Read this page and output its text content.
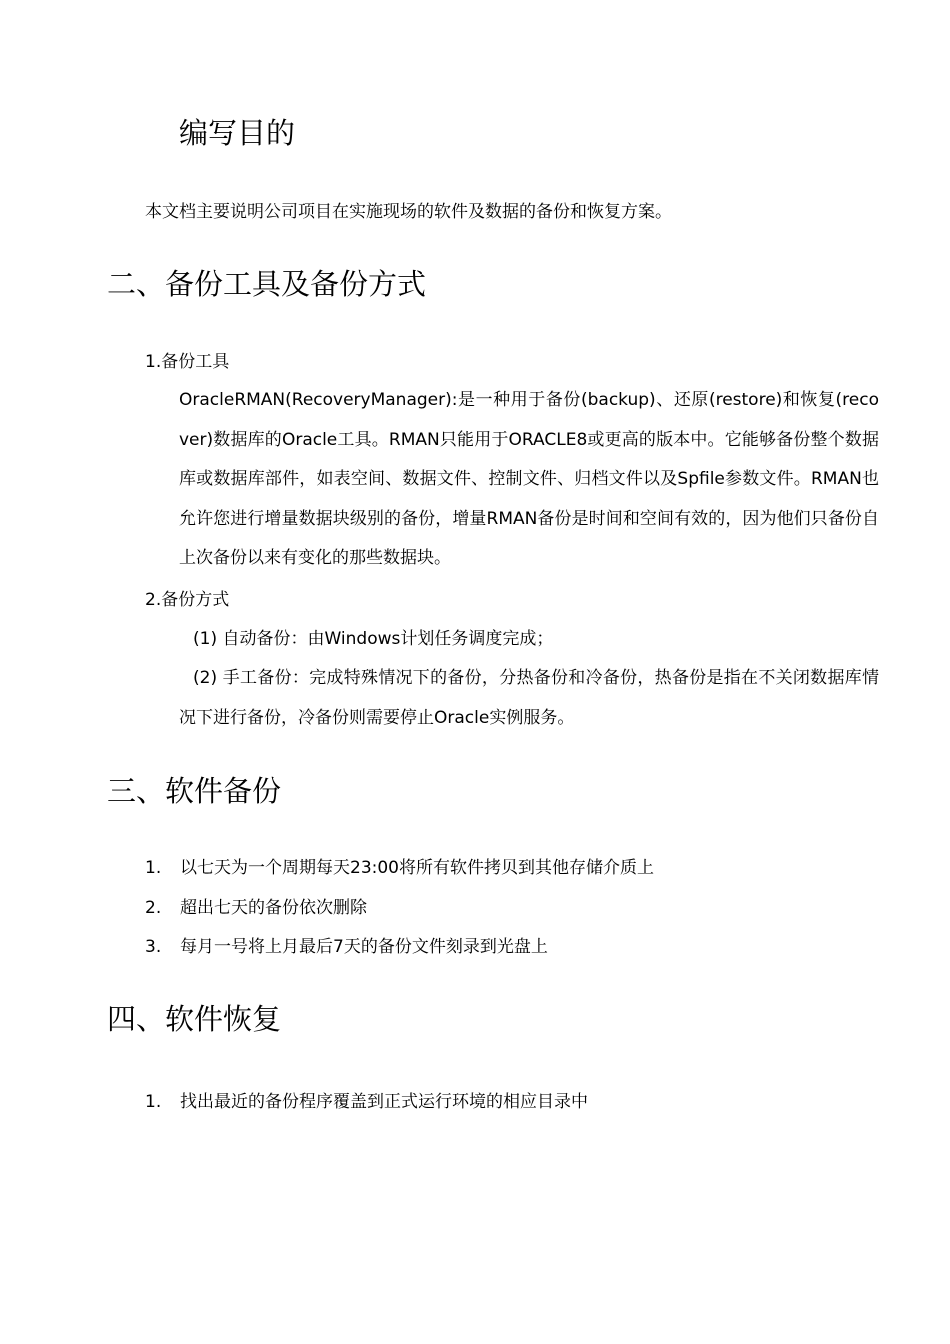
编写目的
本文档主要说明公司项目在实施现场的软件及数据的备份和恢复方案。
二、备份工具及备份方式
1.备份工具
OracleRMAN(RecoveryManager):是一种用于备份(backup)、还原(restore)和恢复(recover)数据库的Oracle工具。RMAN只能用于ORACLE8或更高的版本中。它能够备份整个数据库或数据库部件，如表空间、数据文件、控制文件、归档文件以及Spfile参数文件。RMAN也允许您进行增量数据块级别的备份，增量RMAN备份是时间和空间有效的，因为他们只备份自上次备份以来有变化的那些数据块。
2.备份方式
(1) 自动备份：由Windows计划任务调度完成；
(2) 手工备份：完成特殊情况下的备份，分热备份和冷备份，热备份是指在不关闭数据库情况下进行备份，冷备份则需要停止Oracle实例服务。
三、软件备份
1. 以七天为一个周期每天23:00将所有软件拷贝到其他存储介质上
2. 超出七天的备份依次删除
3. 每月一号将上月最后7天的备份文件刻录到光盘上
四、软件恢复
1. 找出最近的备份程序覆盖到正式运行环境的相应目录中
